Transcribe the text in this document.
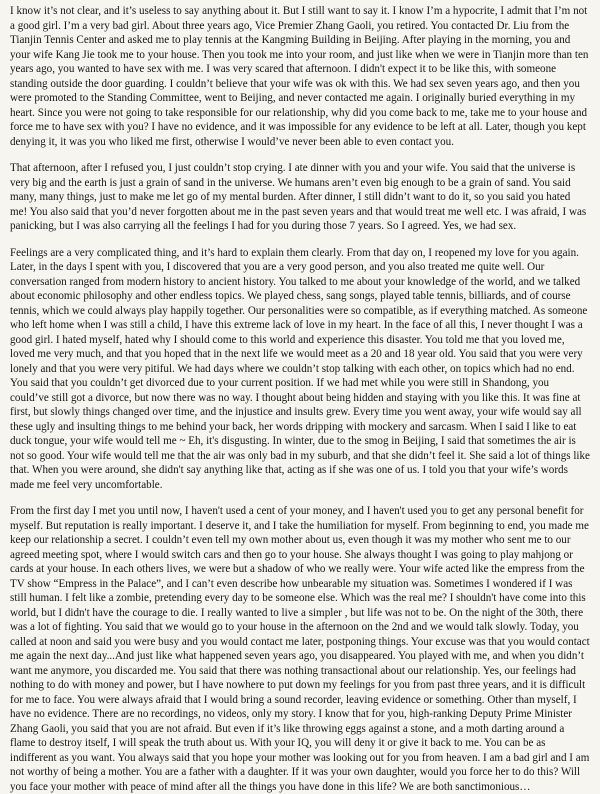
I know it’s not clear, and it’s useless to say anything about it. But I still want to say it. I know I’m a hypocrite, I admit that I’m not a good girl. I’m a very bad girl. About three years ago, Vice Premier Zhang Gaoli, you retired. You contacted Dr. Liu from the Tianjin Tennis Center and asked me to play tennis at the Kangming Building in Beijing. After playing in the morning, you and your wife Kang Jie took me to your house. Then you took me into your room, and just like when we were in Tianjin more than ten years ago, you wanted to have sex with me. I was very scared that afternoon. I didn't expect it to be like this, with someone standing outside the door guarding. I couldn’t believe that your wife was ok with this. We had sex seven years ago, and then you were promoted to the Standing Committee, went to Beijing, and never contacted me again. I originally buried everything in my heart. Since you were not going to take responsible for our relationship, why did you come back to me, take me to your house and force me to have sex with you? I have no evidence, and it was impossible for any evidence to be left at all. Later, though you kept denying it, it was you who liked me first, otherwise I would’ve never been able to even contact you.

That afternoon, after I refused you, I just couldn’t stop crying. I ate dinner with you and your wife. You said that the universe is very big and the earth is just a grain of sand in the universe. We humans aren’t even big enough to be a grain of sand. You said many, many things, just to make me let go of my mental burden. After dinner, I still didn’t want to do it, so you said you hated me! You also said that you’d never forgotten about me in the past seven years and that would treat me well etc. I was afraid, I was panicking, but I was also carrying all the feelings I had for you during those 7 years. So I agreed. Yes, we had sex.

Feelings are a very complicated thing, and it’s hard to explain them clearly. From that day on, I reopened my love for you again. Later, in the days I spent with you, I discovered that you are a very good person, and you also treated me quite well. Our conversation ranged from modern history to ancient history. You talked to me about your knowledge of the world, and we talked about economic philosophy and other endless topics. We played chess, sang songs, played table tennis, billiards, and of course tennis, which we could always play happily together. Our personalities were so compatible, as if everything matched. As someone who left home when I was still a child, I have this extreme lack of love in my heart. In the face of all this, I never thought I was a good girl. I hated myself, hated why I should come to this world and experience this disaster. You told me that you loved me, loved me very much, and that you hoped that in the next life we would meet as a 20 and 18 year old. You said that you were very lonely and that you were very pitiful. We had days where we couldn’t stop talking with each other, on topics which had no end. You said that you couldn’t get divorced due to your current position. If we had met while you were still in Shandong, you could’ve still got a divorce, but now there was no way. I thought about being hidden and staying with you like this. It was fine at first, but slowly things changed over time, and the injustice and insults grew. Every time you went away, your wife would say all these ugly and insulting things to me behind your back, her words dripping with mockery and sarcasm. When I said I like to eat duck tongue, your wife would tell me ~ Eh, it's disgusting. In winter, due to the smog in Beijing, I said that sometimes the air is not so good. Your wife would tell me that the air was only bad in my suburb, and that she didn’t feel it. She said a lot of things like that. When you were around, she didn't say anything like that, acting as if she was one of us. I told you that your wife’s words made me feel very uncomfortable.

From the first day I met you until now, I haven't used a cent of your money, and I haven't used you to get any personal benefit for myself. But reputation is really important. I deserve it, and I take the humiliation for myself. From beginning to end, you made me keep our relationship a secret. I couldn’t even tell my own mother about us, even though it was my mother who sent me to our agreed meeting spot, where I would switch cars and then go to your house. She always thought I was going to play mahjong or cards at your house. In each others lives, we were but a shadow of who we really were. Your wife acted like the empress from the TV show “Empress in the Palace”, and I can’t even describe how unbearable my situation was. Sometimes I wondered if I was still human. I felt like a zombie, pretending every day to be someone else. Which was the real me? I shouldn't have come into this world, but I didn't have the courage to die. I really wanted to live a simpler , but life was not to be. On the night of the 30th, there was a lot of fighting. You said that we would go to your house in the afternoon on the 2nd and we would talk slowly. Today, you called at noon and said you were busy and you would contact me later, postponing things. Your excuse was that you would contact me again the next day...And just like what happened seven years ago, you disappeared. You played with me, and when you didn’t want me anymore, you discarded me. You said that there was nothing transactional about our relationship. Yes, our feelings had nothing to do with money and power, but I have nowhere to put down my feelings for you from past three years, and it is difficult for me to face. You were always afraid that I would bring a sound recorder, leaving evidence or something. Other than myself, I have no evidence. There are no recordings, no videos, only my story. I know that for you, high-ranking Deputy Prime Minister Zhang Gaoli, you said that you are not afraid. But even if it’s like throwing eggs against a stone, and a moth darting around a flame to destroy itself, I will speak the truth about us. With your IQ, you will deny it or give it back to me. You can be as indifferent as you want. You always said that you hope your mother was looking out for you from heaven. I am a bad girl and I am not worthy of being a mother. You are a father with a daughter. If it was your own daughter, would you force her to do this? Will you face your mother with peace of mind after all the things you have done in this life? We are both sanctimonious…
